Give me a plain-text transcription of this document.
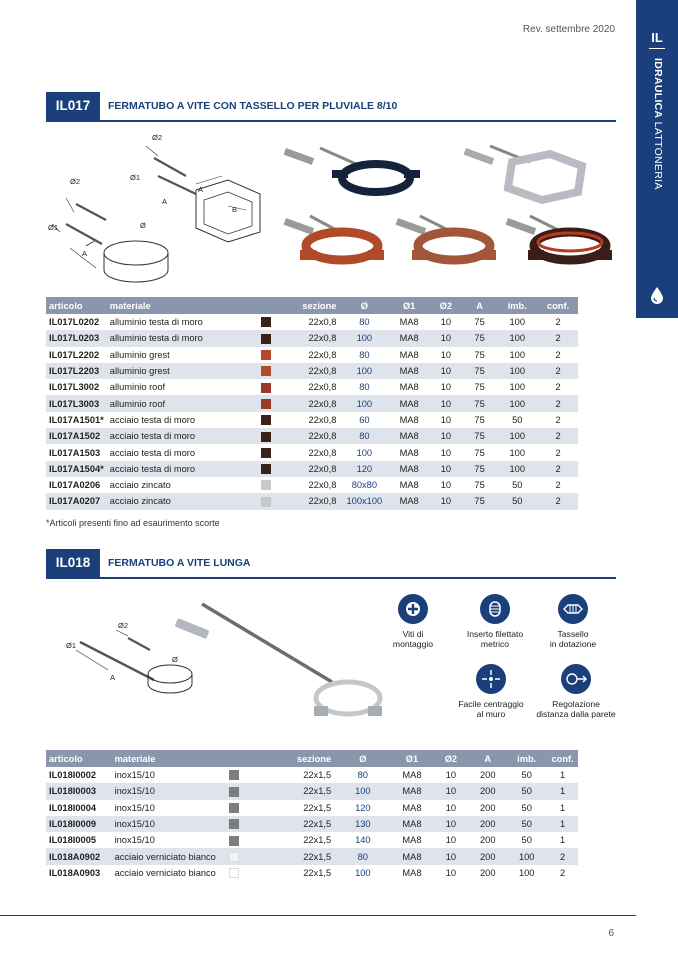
Rev. settembre 2020
IL
IDRAULICA LATTONERIA
IL017	FERMATUBO A VITE CON TASSELLO PER PLUVIALE 8/10
Ø2
Ø1
A
A
B
Ø2
Ø1	Ø
A
articolo	materiale		sezione	Ø	Ø1	Ø2	A	imb.	conf.
IL017L0202	alluminio testa di moro		22x0,8	80	MA8	10	75	100	2
IL017L0203	alluminio testa di moro		22x0,8	100	MA8	10	75	100	2
IL017L2202	alluminio grest		22x0,8	80	MA8	10	75	100	2
IL017L2203	alluminio grest		22x0,8	100	MA8	10	75	100	2
IL017L3002	alluminio roof		22x0,8	80	MA8	10	75	100	2
IL017L3003	alluminio roof		22x0,8	100	MA8	10	75	100	2
IL017A1501*	acciaio testa di moro		22x0,8	60	MA8	10	75	50	2
IL017A1502	acciaio testa di moro		22x0,8	80	MA8	10	75	100	2
IL017A1503	acciaio testa di moro		22x0,8	100	MA8	10	75	100	2
IL017A1504*	acciaio testa di moro		22x0,8	120	MA8	10	75	100	2
IL017A0206	acciaio zincato		22x0,8	80x80	MA8	10	75	50	2
IL017A0207	acciaio zincato		22x0,8	100x100	MA8	10	75	50	2
*Articoli presenti fino ad esaurimento scorte
IL018	FERMATUBO A VITE LUNGA
Ø2
Ø1
Ø
A
Viti di
montaggio
Inserto filettato
metrico
Tassello
in dotazione
Facile centraggio
al muro
Regolazione
distanza dalla parete
articolo	materiale		sezione	Ø	Ø1	Ø2	A	imb.	conf.
IL018I0002	inox15/10		22x1,5	80	MA8	10	200	50	1
IL018I0003	inox15/10		22x1,5	100	MA8	10	200	50	1
IL018I0004	inox15/10		22x1,5	120	MA8	10	200	50	1
IL018I0009	inox15/10		22x1,5	130	MA8	10	200	50	1
IL018I0005	inox15/10		22x1,5	140	MA8	10	200	50	1
IL018A0902	acciaio verniciato bianco		22x1,5	80	MA8	10	200	100	2
IL018A0903	acciaio verniciato bianco		22x1,5	100	MA8	10	200	100	2
6
